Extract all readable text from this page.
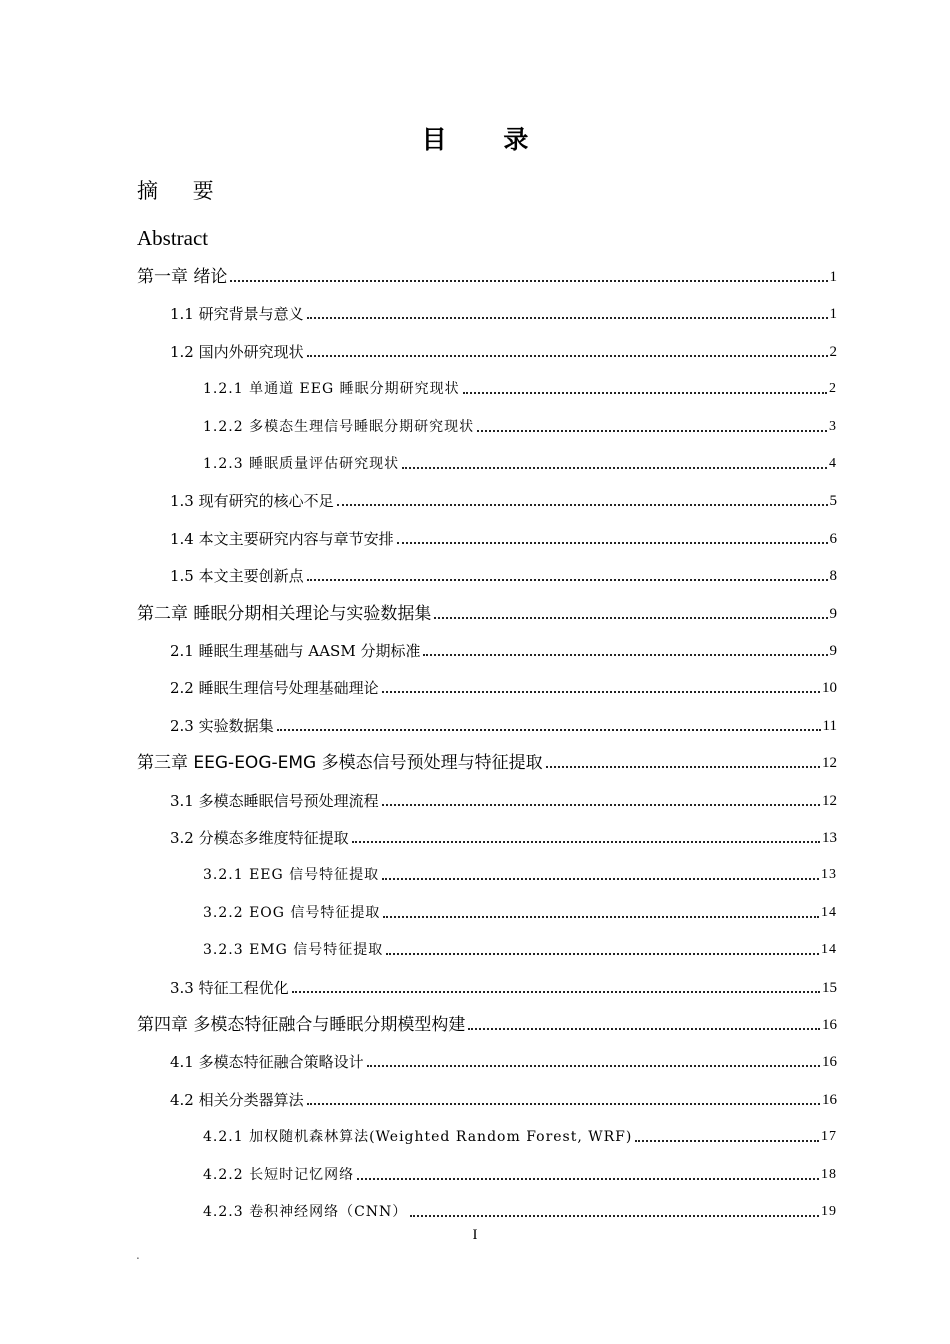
目 录
摘 要
Abstract
第一章 绪论	1
1.1 研究背景与意义	1
1.2 国内外研究现状	2
1.2.1 单通道 EEG 睡眠分期研究现状	2
1.2.2 多模态生理信号睡眠分期研究现状	3
1.2.3 睡眠质量评估研究现状	4
1.3 现有研究的核心不足	5
1.4 本文主要研究内容与章节安排	6
1.5 本文主要创新点	8
第二章 睡眠分期相关理论与实验数据集	9
2.1 睡眠生理基础与 AASM 分期标准	9
2.2 睡眠生理信号处理基础理论	10
2.3 实验数据集	11
第三章 EEG-EOG-EMG 多模态信号预处理与特征提取	12
3.1 多模态睡眠信号预处理流程	12
3.2 分模态多维度特征提取	13
3.2.1 EEG 信号特征提取	13
3.2.2 EOG 信号特征提取	14
3.2.3 EMG 信号特征提取	14
3.3 特征工程优化	15
第四章 多模态特征融合与睡眠分期模型构建	16
4.1 多模态特征融合策略设计	16
4.2 相关分类器算法	16
4.2.1 加权随机森林算法(Weighted Random Forest, WRF)	17
4.2.2 长短时记忆网络	18
4.2.3 卷积神经网络（CNN）	19
I
.
